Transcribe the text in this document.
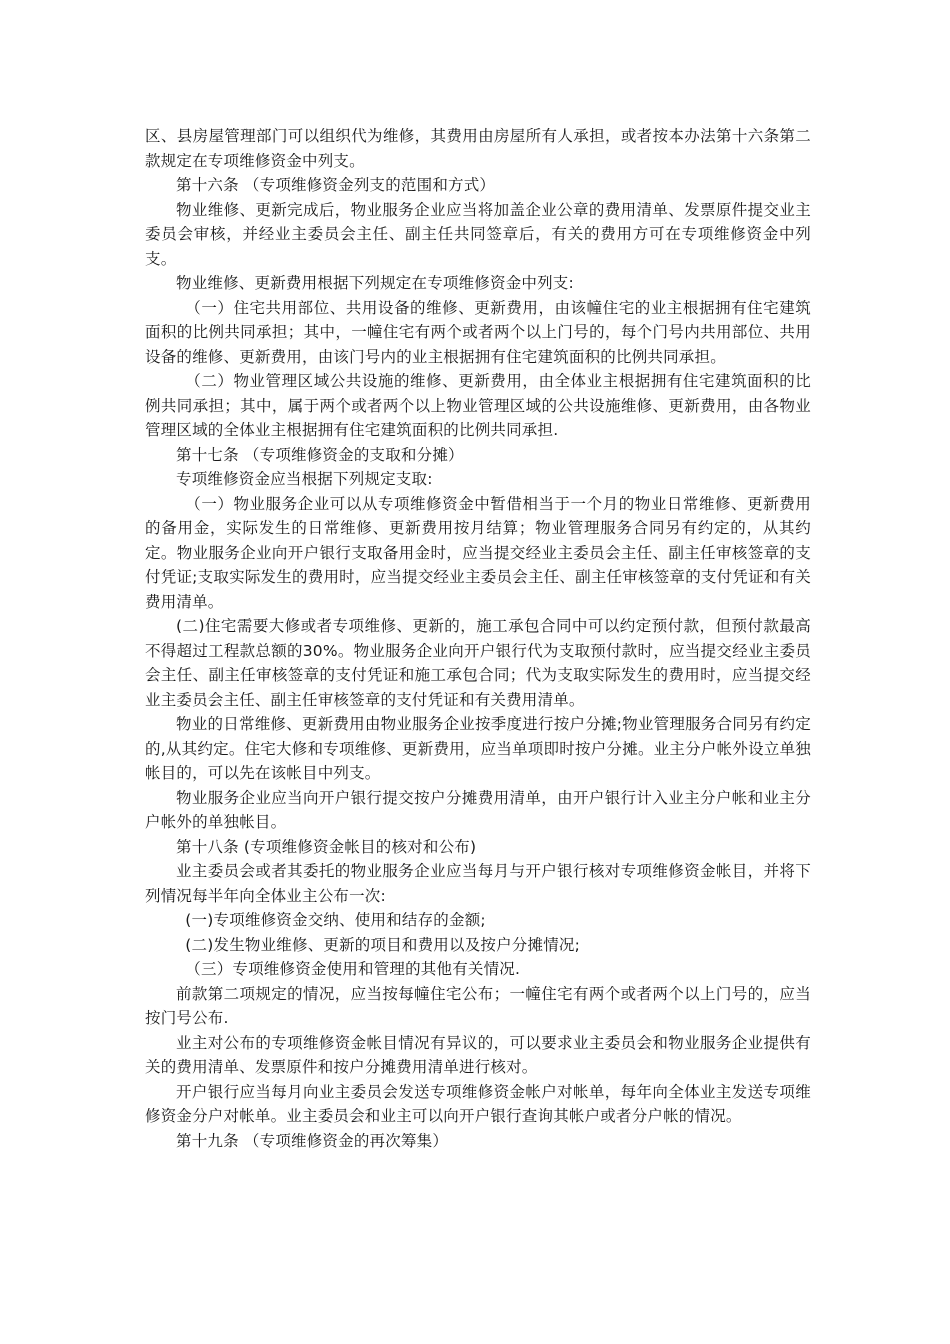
区、县房屋管理部门可以组织代为维修，其费用由房屋所有人承担，或者按本办法第十六条第二款规定在专项维修资金中列支。

第十六条 （专项维修资金列支的范围和方式）

物业维修、更新完成后，物业服务企业应当将加盖企业公章的费用清单、发票原件提交业主委员会审核，并经业主委员会主任、副主任共同签章后，有关的费用方可在专项维修资金中列支。

物业维修、更新费用根据下列规定在专项维修资金中列支:

（一）住宅共用部位、共用设备的维修、更新费用，由该幢住宅的业主根据拥有住宅建筑面积的比例共同承担；其中，一幢住宅有两个或者两个以上门号的，每个门号内共用部位、共用设备的维修、更新费用，由该门号内的业主根据拥有住宅建筑面积的比例共同承担。

（二）物业管理区域公共设施的维修、更新费用，由全体业主根据拥有住宅建筑面积的比例共同承担；其中，属于两个或者两个以上物业管理区域的公共设施维修、更新费用，由各物业管理区域的全体业主根据拥有住宅建筑面积的比例共同承担.

第十七条 （专项维修资金的支取和分摊）

专项维修资金应当根据下列规定支取:

（一）物业服务企业可以从专项维修资金中暂借相当于一个月的物业日常维修、更新费用的备用金，实际发生的日常维修、更新费用按月结算；物业管理服务合同另有约定的，从其约定。物业服务企业向开户银行支取备用金时，应当提交经业主委员会主任、副主任审核签章的支付凭证;支取实际发生的费用时，应当提交经业主委员会主任、副主任审核签章的支付凭证和有关费用清单。

(二)住宅需要大修或者专项维修、更新的，施工承包合同中可以约定预付款，但预付款最高不得超过工程款总额的30%。物业服务企业向开户银行代为支取预付款时，应当提交经业主委员会主任、副主任审核签章的支付凭证和施工承包合同；代为支取实际发生的费用时，应当提交经业主委员会主任、副主任审核签章的支付凭证和有关费用清单。

物业的日常维修、更新费用由物业服务企业按季度进行按户分摊;物业管理服务合同另有约定的,从其约定。住宅大修和专项维修、更新费用，应当单项即时按户分摊。业主分户帐外设立单独帐目的，可以先在该帐目中列支。

物业服务企业应当向开户银行提交按户分摊费用清单，由开户银行计入业主分户帐和业主分户帐外的单独帐目。

第十八条 (专项维修资金帐目的核对和公布)

业主委员会或者其委托的物业服务企业应当每月与开户银行核对专项维修资金帐目，并将下列情况每半年向全体业主公布一次:

(一)专项维修资金交纳、使用和结存的金额;

(二)发生物业维修、更新的项目和费用以及按户分摊情况;

（三）专项维修资金使用和管理的其他有关情况.

前款第二项规定的情况，应当按每幢住宅公布；一幢住宅有两个或者两个以上门号的，应当按门号公布.

业主对公布的专项维修资金帐目情况有异议的，可以要求业主委员会和物业服务企业提供有关的费用清单、发票原件和按户分摊费用清单进行核对。

开户银行应当每月向业主委员会发送专项维修资金帐户对帐单，每年向全体业主发送专项维修资金分户对帐单。业主委员会和业主可以向开户银行查询其帐户或者分户帐的情况。

第十九条 （专项维修资金的再次筹集）
